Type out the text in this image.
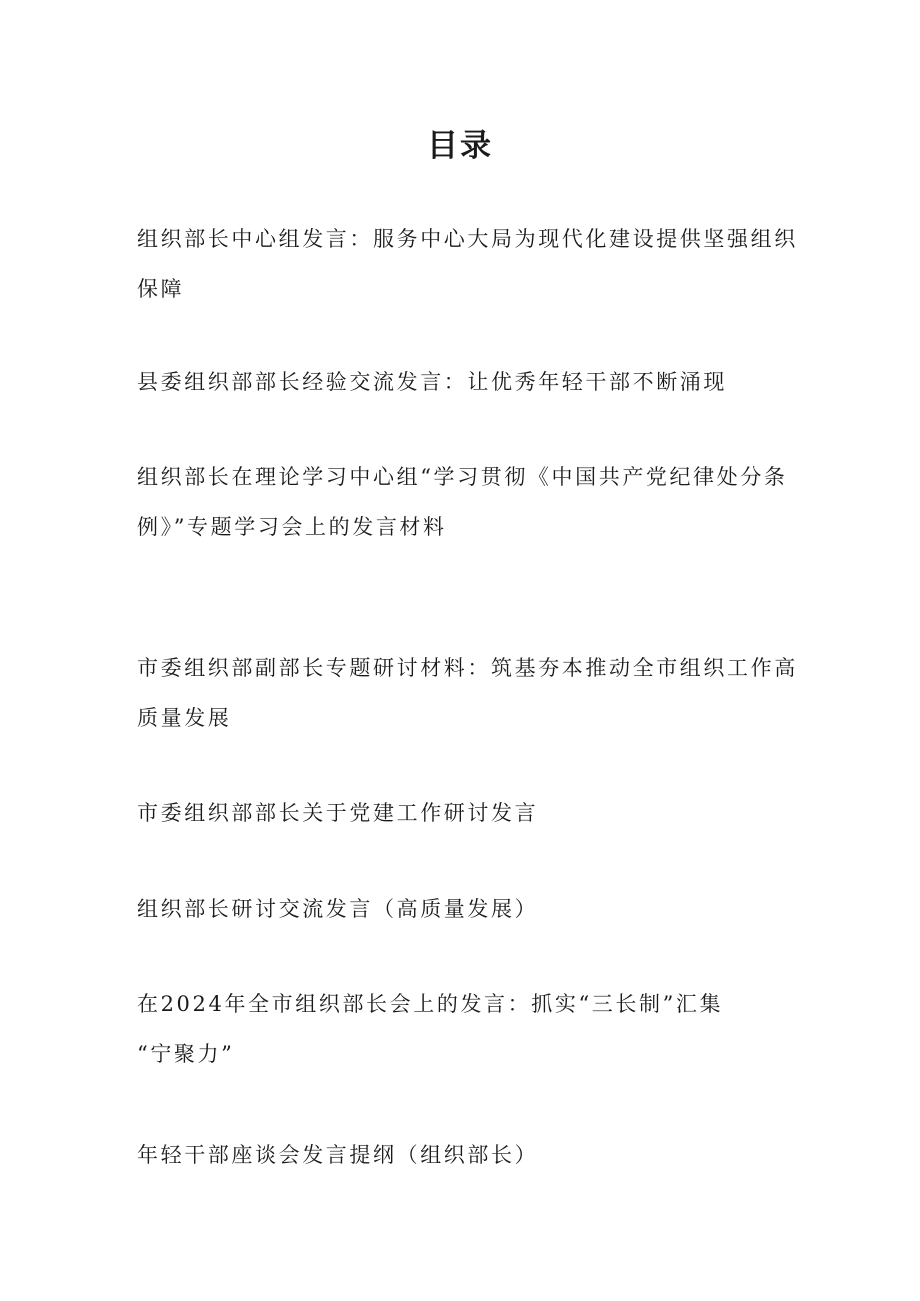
目录
组织部长中心组发言：服务中心大局为现代化建设提供坚强组织
保障
县委组织部部长经验交流发言：让优秀年轻干部不断涌现
组织部长在理论学习中心组“学习贯彻《中国共产党纪律处分条
例》”专题学习会上的发言材料
市委组织部副部长专题研讨材料：筑基夯本推动全市组织工作高
质量发展
市委组织部部长关于党建工作研讨发言
组织部长研讨交流发言（高质量发展）
在2024年全市组织部长会上的发言：抓实“三长制”汇集
“宁聚力”
年轻干部座谈会发言提纲（组织部长）
